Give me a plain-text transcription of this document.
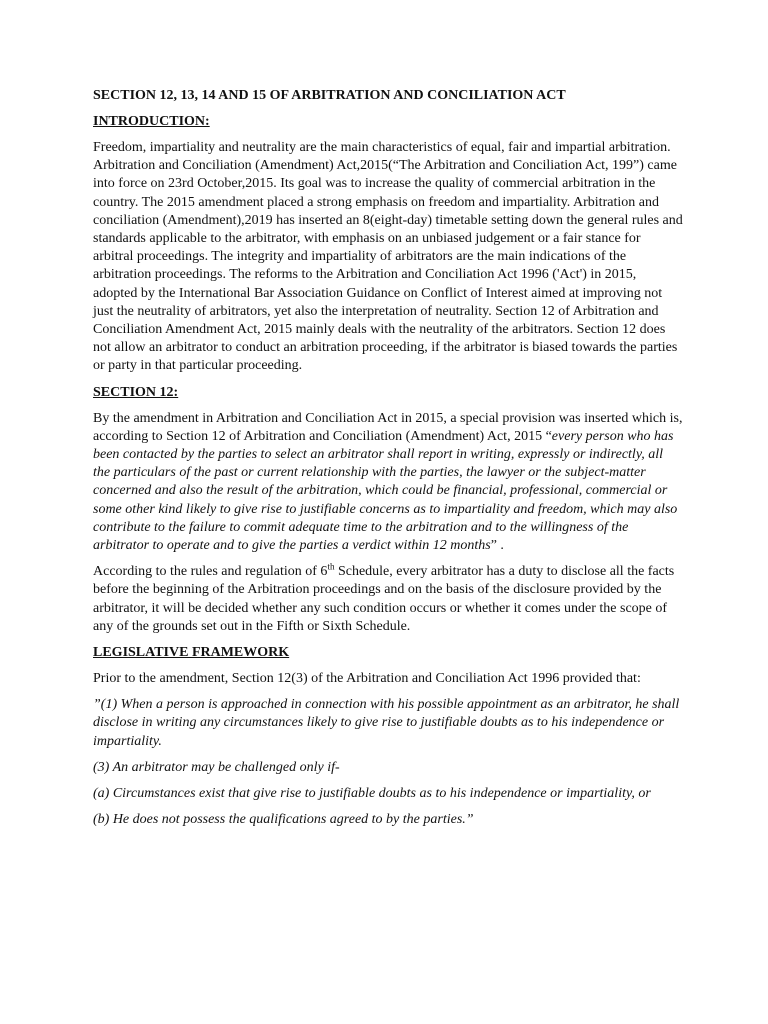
SECTION 12, 13, 14 AND 15 OF ARBITRATION AND CONCILIATION ACT

INTRODUCTION:

Freedom, impartiality and neutrality are the main characteristics of equal, fair and impartial arbitration. Arbitration and Conciliation (Amendment) Act,2015(“The Arbitration and Conciliation Act, 199”) came into force on 23rd October,2015. Its goal was to increase the quality of commercial arbitration in the country. The 2015 amendment placed a strong emphasis on freedom and impartiality. Arbitration and conciliation (Amendment),2019 has inserted an 8(eight-day) timetable setting down the general rules and standards applicable to the arbitrator, with emphasis on an unbiased judgement or a fair stance for arbitral proceedings. The integrity and impartiality of arbitrators are the main indications of the arbitration proceedings. The reforms to the Arbitration and Conciliation Act 1996 ('Act') in 2015, adopted by the International Bar Association Guidance on Conflict of Interest aimed at improving not just the neutrality of arbitrators, yet also the interpretation of neutrality. Section 12 of Arbitration and Conciliation Amendment Act, 2015 mainly deals with the neutrality of the arbitrators. Section 12 does not allow an arbitrator to conduct an arbitration proceeding, if the arbitrator is biased towards the parties or party in that particular proceeding.

SECTION 12:

By the amendment in Arbitration and Conciliation Act in 2015, a special provision was inserted which is, according to Section 12 of Arbitration and Conciliation (Amendment) Act, 2015 “every person who has been contacted by the parties to select an arbitrator shall report in writing, expressly or indirectly, all the particulars of the past or current relationship with the parties, the lawyer or the subject-matter concerned and also the result of the arbitration, which could be financial, professional, commercial or some other kind likely to give rise to justifiable concerns as to impartiality and freedom, which may also contribute to the failure to commit adequate time to the arbitration and to the willingness of the arbitrator to operate and to give the parties a verdict within 12 months” .

According to the rules and regulation of 6th Schedule, every arbitrator has a duty to disclose all the facts before the beginning of the Arbitration proceedings and on the basis of the disclosure provided by the arbitrator, it will be decided whether any such condition occurs or whether it comes under the scope of any of the grounds set out in the Fifth or Sixth Schedule.

LEGISLATIVE FRAMEWORK

Prior to the amendment, Section 12(3) of the Arbitration and Conciliation Act 1996 provided that:

”(1) When a person is approached in connection with his possible appointment as an arbitrator, he shall disclose in writing any circumstances likely to give rise to justifiable doubts as to his independence or impartiality.

(3) An arbitrator may be challenged only if-

(a) Circumstances exist that give rise to justifiable doubts as to his independence or impartiality, or

(b) He does not possess the qualifications agreed to by the parties.”
